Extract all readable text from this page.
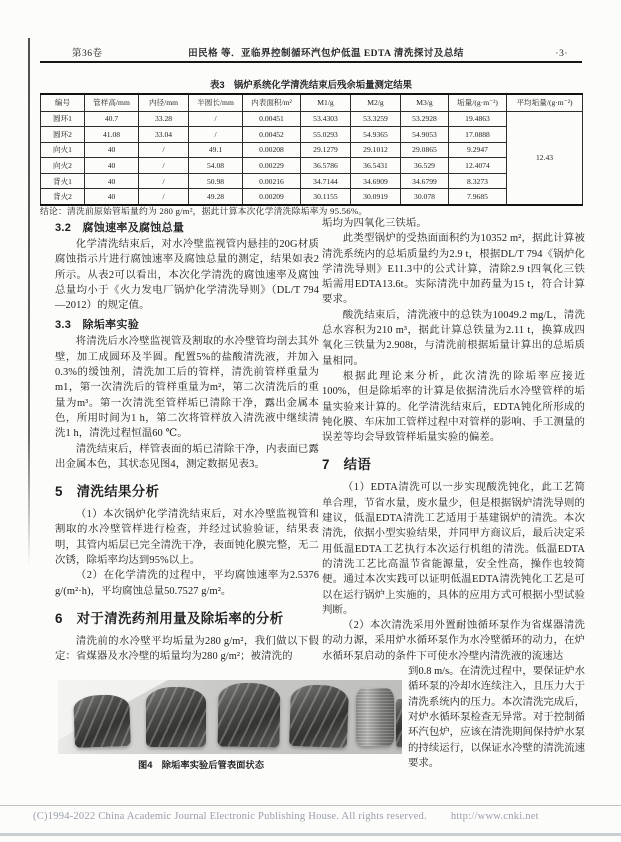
第36卷	田民格 等．亚临界控制循环汽包炉低温 EDTA 清洗探讨及总结	·3·
表3　锅炉系统化学清洗结束后残余垢量测定结果
编号	管样高/mm	内径/mm	半圆长/mm	内表面积/m²	M1/g	M2/g	M3/g	垢量/(g·m⁻²)	平均垢量/(g·m⁻²)
圆环1	40.7	33.28	/	0.00451	53.4303	53.3259	53.2928	19.4863	12.43
圆环2	41.08	33.04	/	0.00452	55.0293	54.9365	54.9053	17.0888	
向火1	40	/	49.1	0.00208	29.1279	29.1012	29.0865	9.2947	
向火2	40	/	54.08	0.00229	36.5786	36.5431	36.529	12.4074	
背火1	40	/	50.98	0.00216	34.7144	34.6909	34.6799	8.3273	
背火2	40	/	49.28	0.00209	30.1155	30.0919	30.078	7.9685	
结论：清洗前原始管垢量约为 280 g/m²，据此计算本次化学清洗除垢率为 95.56%。
3.2　腐蚀速率及腐蚀总量

化学清洗结束后，对水冷壁监视管内悬挂的20G材质腐蚀指示片进行腐蚀速率及腐蚀总量的测定，结果如表2所示。从表2可以看出，本次化学清洗的腐蚀速率及腐蚀总量均小于《火力发电厂锅炉化学清洗导则》（DL/T 794—2012）的规定值。

3.3　除垢率实验

将清洗后水冷壁监视管及割取的水冷壁管均剖去其外壁，加工成圆环及半圆。配置5%的盐酸清洗液，并加入0.3%的缓蚀剂，清洗加工后的管样，清洗前管样重量为m1，第一次清洗后的管样重量为m²，第二次清洗后的重量为m³。第一次清洗至管样垢已清除干净，露出金属本色，所用时间为1 h，第二次将管样放入清洗液中继续清洗1 h，清洗过程恒温60 ℃。

清洗结束后，样管表面的垢已清除干净，内表面已露出金属本色，其状态见图4，测定数据见表3。

5　清洗结果分析

（1）本次锅炉化学清洗结束后，对水冷壁监视管和割取的水冷壁管样进行检查，并经过试验验证，结果表明，其管内垢层已完全清洗干净，表面钝化膜完整，无二次锈，除垢率均达到95%以上。

（2）在化学清洗的过程中，平均腐蚀速率为2.5376 g/(m²·h)，平均腐蚀总量50.7527 g/m²。

6　对于清洗药剂用量及除垢率的分析

清洗前的水冷壁平均垢量为280 g/m²，我们做以下假定：省煤器及水冷壁的垢量均为280 g/m²；被清洗的

垢均为四氧化三铁垢。

此类型锅炉的受热面面积约为10352 m²，据此计算被清洗系统内的总垢质量约为2.9 t，根据DL/T 794《锅炉化学清洗导则》E11.3中的公式计算，清除2.9 t四氧化三铁垢需用EDTA13.6t。实际清洗中加药量为15 t，符合计算要求。

酸洗结束后，清洗液中的总铁为10049.2 mg/L，清洗总水容积为210 m³，据此计算总铁量为2.11 t，换算成四氧化三铁量为2.908t，与清洗前根据垢量计算出的总垢质量相同。

根据此理论来分析，此次清洗的除垢率应接近100%，但是除垢率的计算是依据清洗后水冷壁管样的垢量实验来计算的。化学清洗结束后，EDTA钝化所形成的钝化膜、车床加工管样过程中对管样的影响、手工测量的误差等均会导致管样垢量实验的偏差。

7　结语

（1）EDTA清洗可以一步实现酸洗钝化，此工艺简单合理，节省水量，废水量少，但是根据锅炉清洗导则的建议，低温EDTA清洗工艺适用于基建锅炉的清洗。本次清洗，依据小型实验结果，并同甲方商议后，最后决定采用低温EDTA工艺执行本次运行机组的清洗。低温EDTA的清洗工艺比高温节省能源量，安全性高，操作也较简便。通过本次实践可以证明低温EDTA清洗钝化工艺是可以在运行锅炉上实施的，具体的应用方式可根据小型试验判断。

（2）本次清洗采用外置耐蚀循环泵作为省煤器清洗的动力源，采用炉水循环泵作为水冷壁循环的动力，在炉水循环泵启动的条件下可使水冷壁内清洗液的流速达

到0.8 m/s。在清洗过程中，要保证炉水循环泵的冷却水连续注入，且压力大于清洗系统内的压力。本次清洗完成后，对炉水循环泵检查无异常。对于控制循环汽包炉，应该在清洗期间保持炉水泵的持续运行，以保证水冷壁的清洗流速要求。

图4　除垢率实验后管表面状态
(C)1994-2022 China Academic Journal Electronic Publishing House. All rights reserved. http://www.cnki.net
